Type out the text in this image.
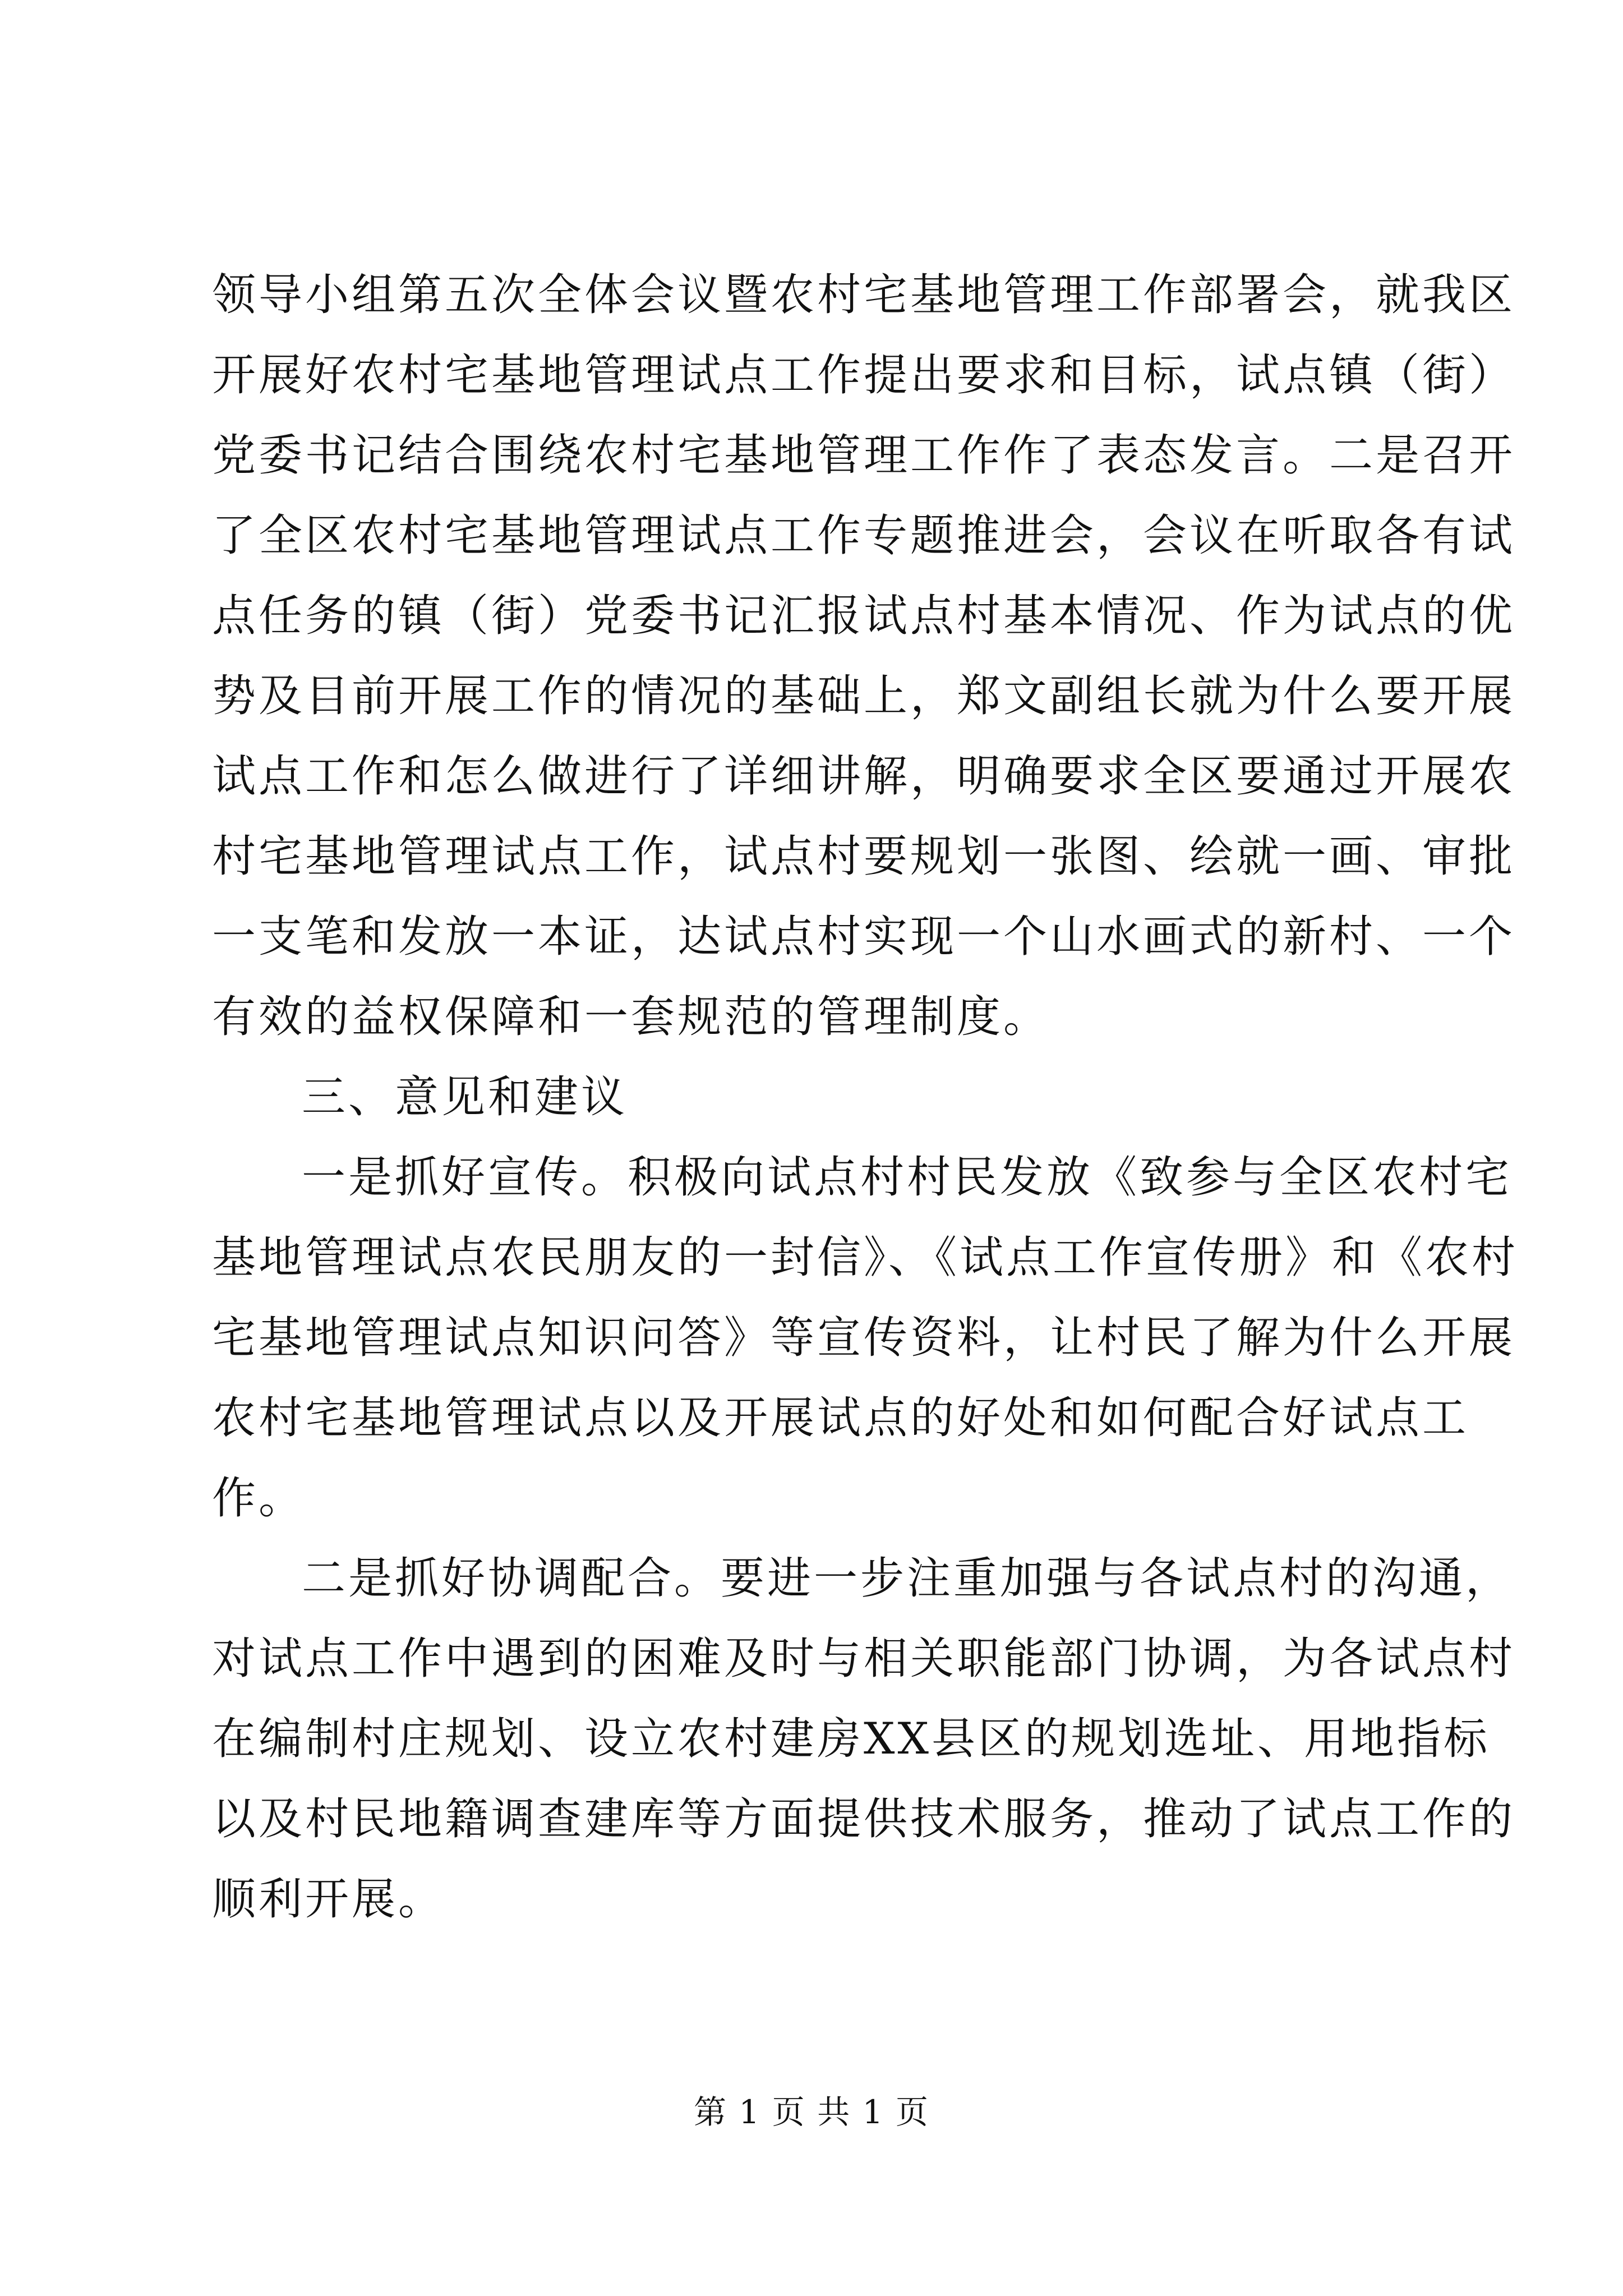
领导小组第五次全体会议暨农村宅基地管理工作部署会，就我区
开展好农村宅基地管理试点工作提出要求和目标，试点镇（街）
党委书记结合围绕农村宅基地管理工作作了表态发言。二是召开
了全区农村宅基地管理试点工作专题推进会，会议在听取各有试
点任务的镇（街）党委书记汇报试点村基本情况、作为试点的优
势及目前开展工作的情况的基础上，郑文副组长就为什么要开展
试点工作和怎么做进行了详细讲解，明确要求全区要通过开展农
村宅基地管理试点工作，试点村要规划一张图、绘就一画、审批
一支笔和发放一本证，达试点村实现一个山水画式的新村、一个
有效的益权保障和一套规范的管理制度。
三、意见和建议
一是抓好宣传。积极向试点村村民发放《致参与全区农村宅
基地管理试点农民朋友的一封信》、《试点工作宣传册》和《农村
宅基地管理试点知识问答》等宣传资料，让村民了解为什么开展
农村宅基地管理试点以及开展试点的好处和如何配合好试点工
作。
二是抓好协调配合。要进一步注重加强与各试点村的沟通，
对试点工作中遇到的困难及时与相关职能部门协调，为各试点村
在编制村庄规划、设立农村建房XX县区的规划选址、用地指标
以及村民地籍调查建库等方面提供技术服务，推动了试点工作的
顺利开展。
第 1 页 共 1 页
